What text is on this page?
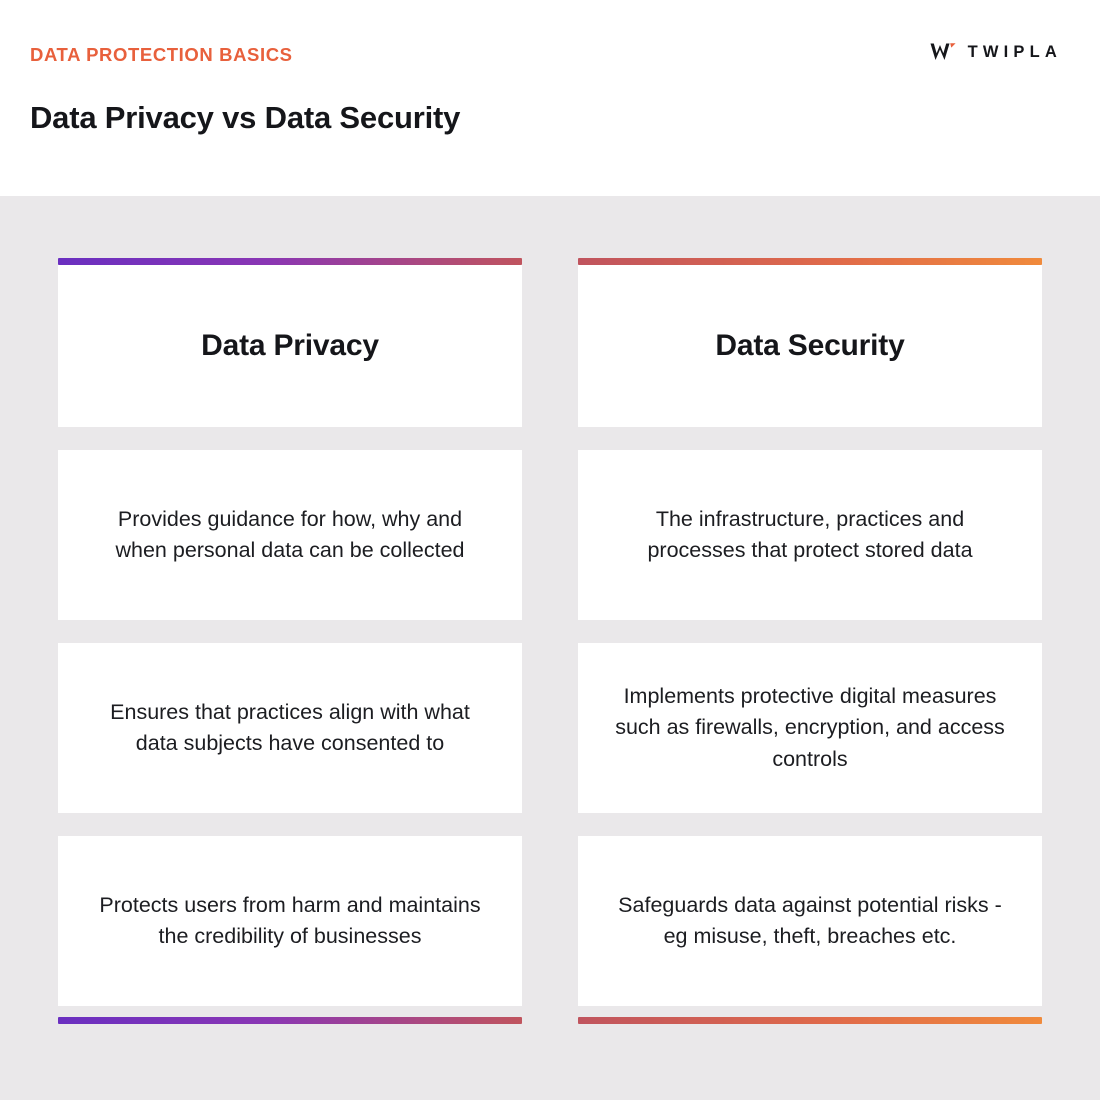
DATA PROTECTION BASICS
Data Privacy vs Data Security
TWIPLA
Data Privacy
Provides guidance for how, why and when personal data can be collected
Ensures that practices align with what data subjects have consented to
Protects users from harm and maintains the credibility of businesses
Data Security
The infrastructure, practices and processes that protect stored data
Implements protective digital measures such as firewalls, encryption, and access controls
Safeguards data against potential risks - eg misuse, theft, breaches etc.
